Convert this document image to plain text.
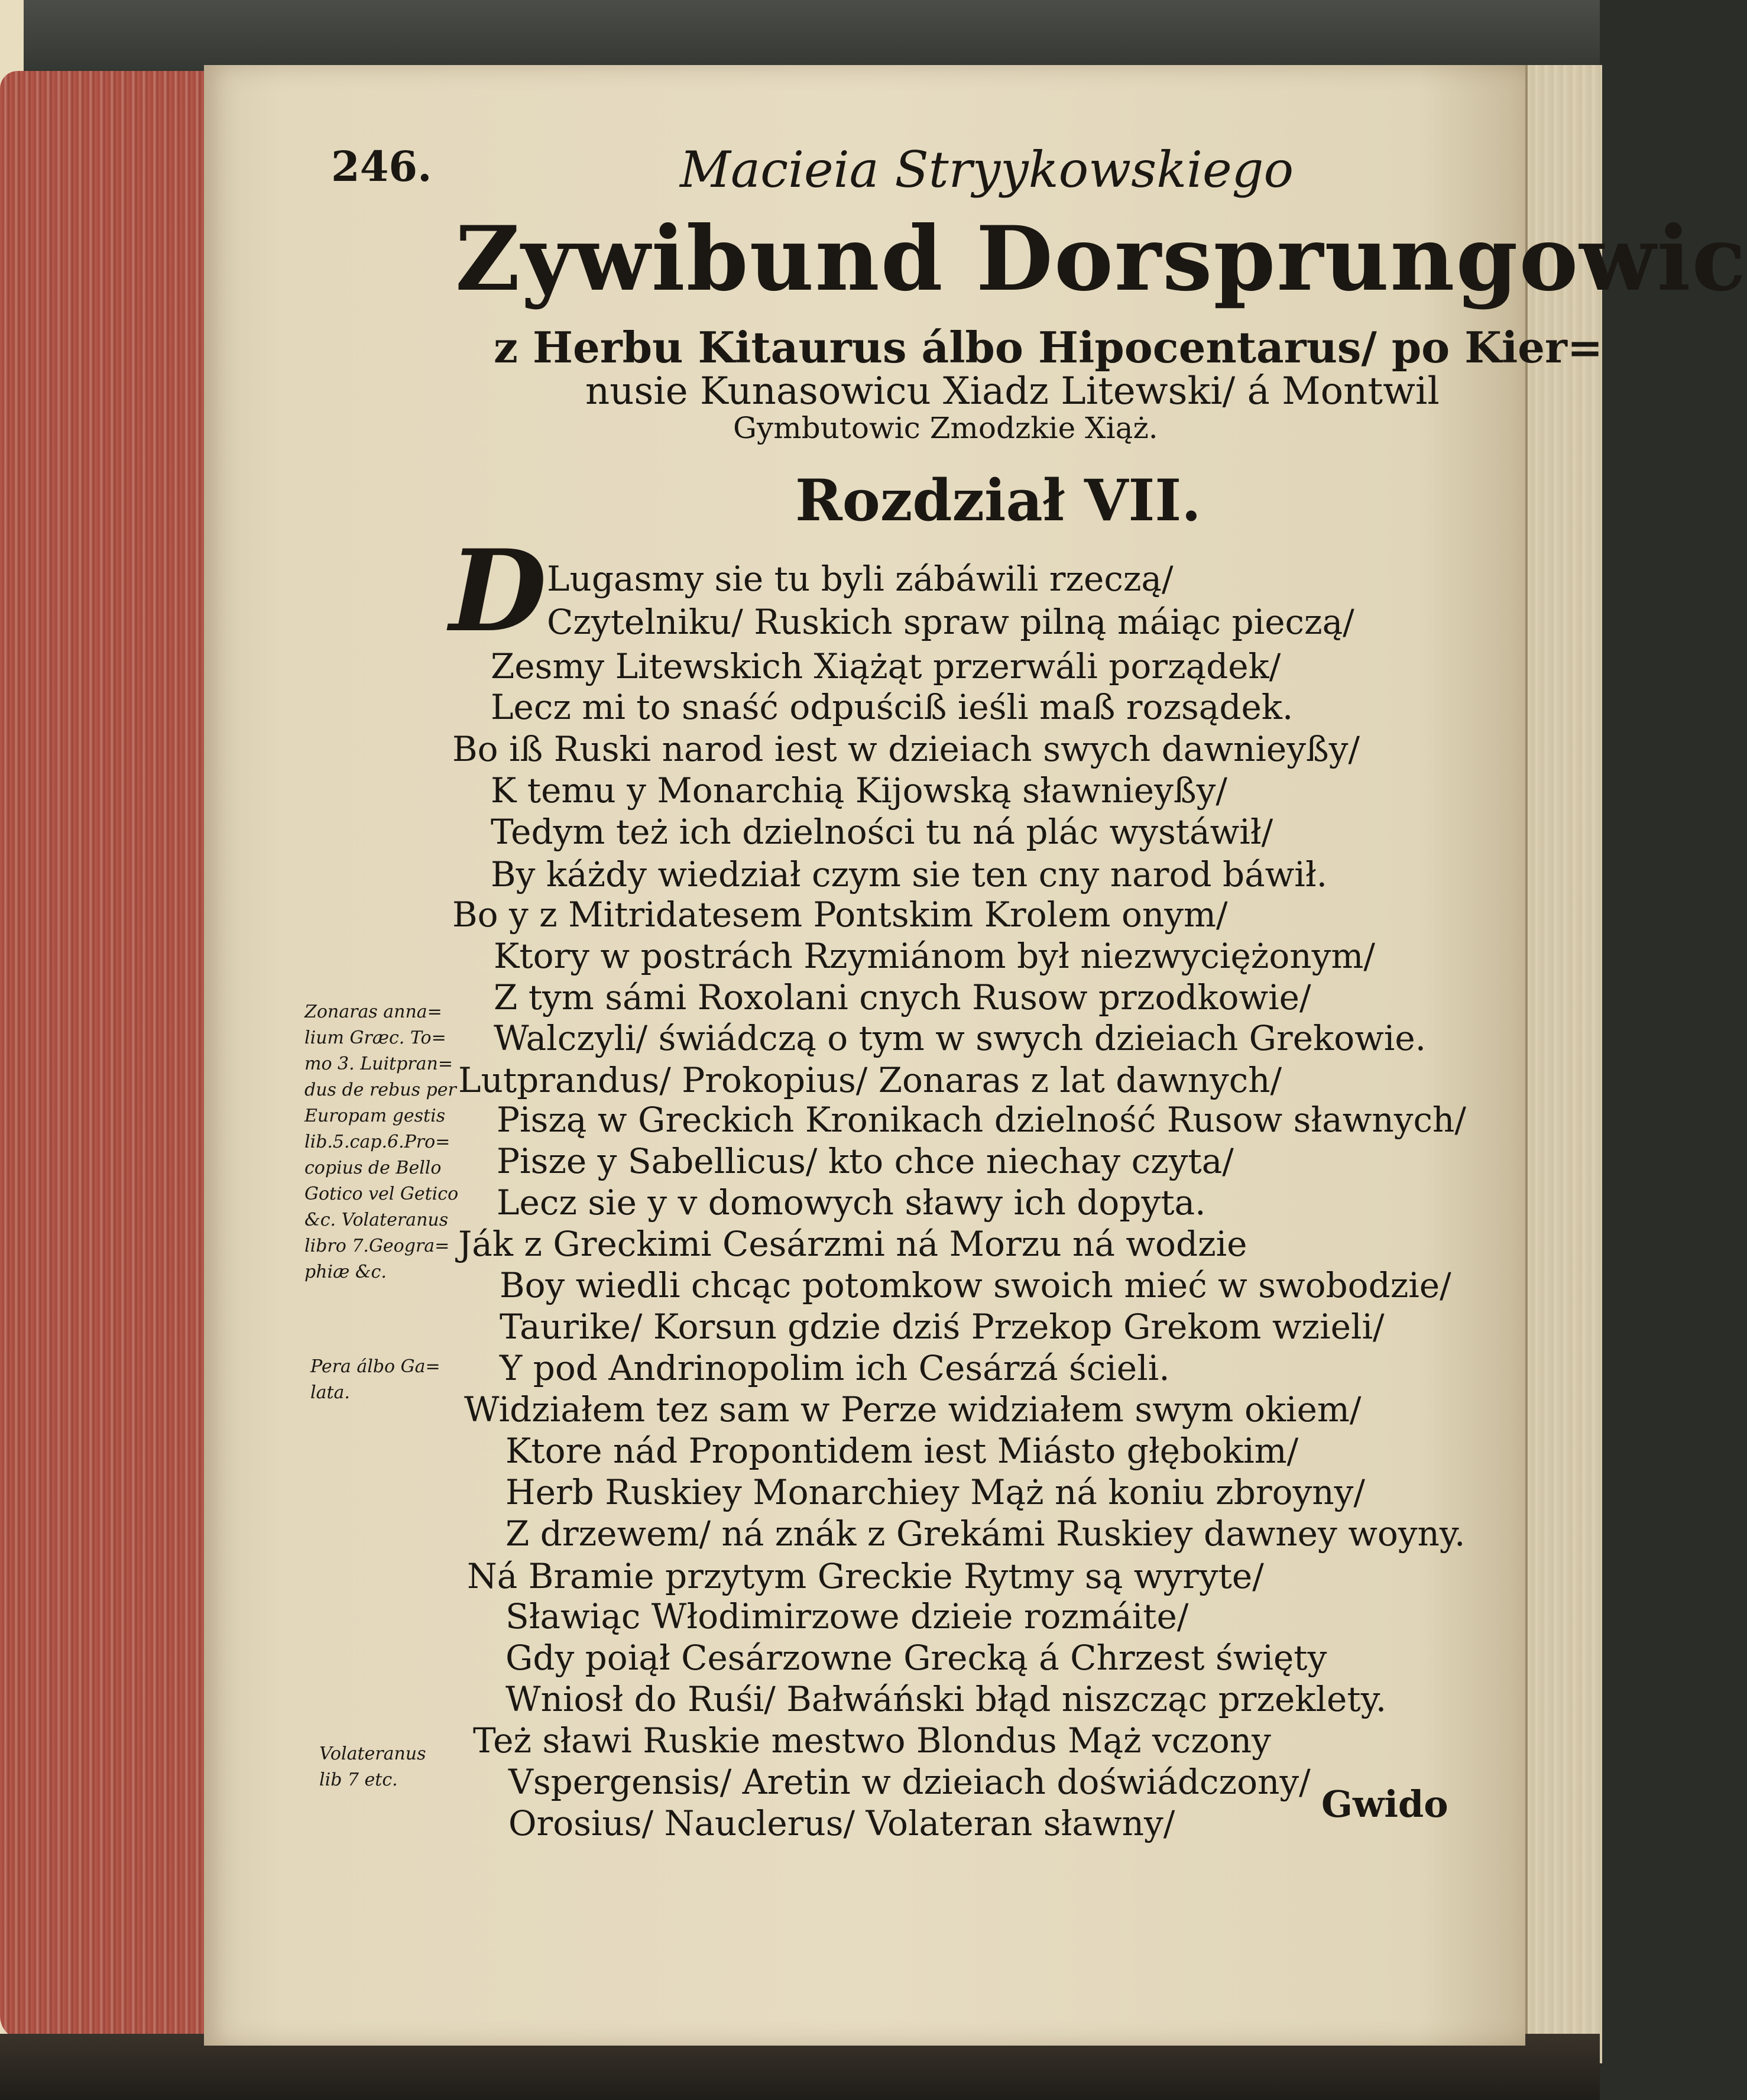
246.	Macieia Stryykowskiego
Zywibund Dorsprungowic
z Herbu Kitaurus álbo Hipocentarus/ po Kier=
nusie Kunasowicu Xiadz Litewski/ á Montwil
Gymbutowic Zmodzkie Xiąż.
Rozdział VII.
D Lugasmy sie tu byli zábáwili rzeczą/
Czytelniku/ Ruskich spraw pilną máiąc pieczą/
Zesmy Litewskich Xiążąt przerwáli porządek/
Lecz mi to snaść odpuściß ieśli maß rozsądek.
Bo iß Ruski narod iest w dzieiach swych dawnieyßy/
K temu y Monarchią Kijowską sławnieyßy/
Tedym też ich dzielności tu ná plác wystáwił/
By káżdy wiedział czym sie ten cny narod báwił.
Bo y z Mitridatesem Pontskim Krolem onym/
Ktory w postrách Rzymiánom był niezwyciężonym/
Z tym sámi Roxolani cnych Rusow przodkowie/
Walczyli/ świádczą o tym w swych dzieiach Grekowie.
Lutprandus/ Prokopius/ Zonaras z lat dawnych/
Piszą w Greckich Kronikach dzielność Rusow sławnych/
Pisze y Sabellicus/ kto chce niechay czyta/
Lecz sie y v domowych sławy ich dopyta.
Ják z Greckimi Cesárzmi ná Morzu ná wodzie
Boy wiedli chcąc potomkow swoich mieć w swobodzie/
Taurike/ Korsun gdzie dziś Przekop Grekom wzieli/
Y pod Andrinopolim ich Cesárzá ścieli.
Widziałem tez sam w Perze widziałem swym okiem/
Ktore nád Propontidem iest Miásto głębokim/
Herb Ruskiey Monarchiey Mąż ná koniu zbroyny/
Z drzewem/ ná znák z Grekámi Ruskiey dawney woyny.
Ná Bramie przytym Greckie Rytmy są wyryte/
Sławiąc Włodimirzowe dzieie rozmáite/
Gdy poiął Cesárzowne Grecką á Chrzest święty
Wniosł do Ruśi/ Bałwáński błąd niszcząc przeklety.
Też sławi Ruskie mestwo Blondus Mąż vczony
Vspergensis/ Aretin w dzieiach doświádczony/
Orosius/ Nauclerus/ Volateran sławny/
Zonaras anna=
lium Græc. To=
mo 3. Luitpran=
dus de rebus per
Europam gestis
lib.5.cap.6.Pro=
copius de Bello
Gotico vel Getico
&c. Volateranus
libro 7.Geogra=
phiæ &c.
Pera álbo Ga=
lata.
Volateranus
lib 7 etc.
Gwido
